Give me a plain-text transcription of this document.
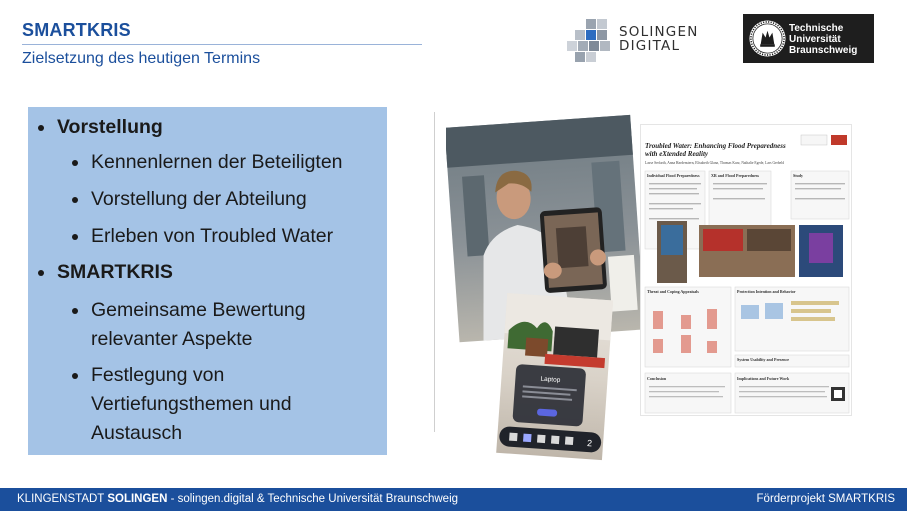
SMARTKRIS
Zielsetzung des heutigen Termins
SOLINGEN
DIGITAL
Technische
Universität
Braunschweig
Vorstellung
Kennenlernen der Beteiligten
Vorstellung der Abteilung
Erleben von Troubled Water
SMARTKRIS
Gemeinsame Bewertung
relevanter Aspekte
Festlegung von
Vertiefungsthemen und
Austausch
Laptop
2
Troubled Water: Enhancing Flood Preparedness
with eXtended Reality
Lasse Serfarth, Anna Hardenstern, Elisabeth Glanz, Thomas Kurz, Nathalie Egede, Lars Gerbeld
Individual Flood Preparedness	XR and Flood Preparedness	Study
Threat and Coping Appraisals	Protection Intention and Behavior
System Usability and Presence
Conclusion	Implications and Future Work
KLINGENSTADT SOLINGEN - solingen.digital & Technische Universität Braunschweig	Förderprojekt SMARTKRIS
